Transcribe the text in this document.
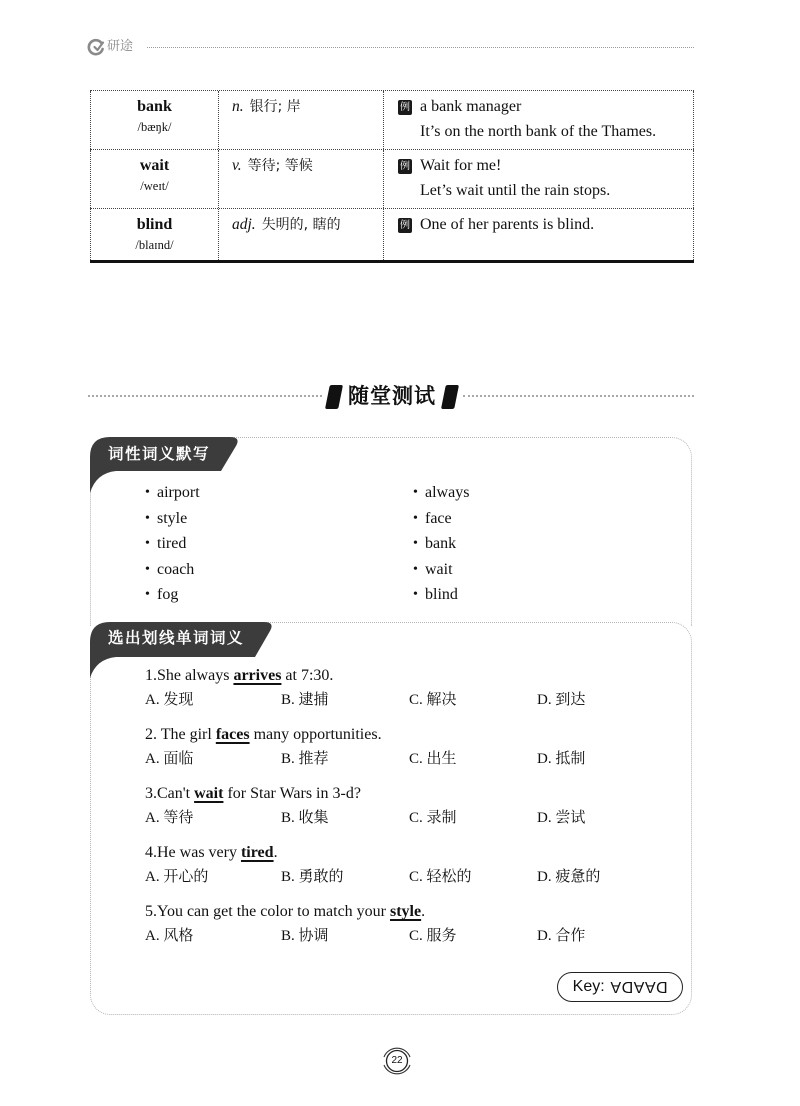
研途
bank
/bæŋk/
n. 银行; 岸	例 a bank manager
It’s on the north bank of the Thames.
wait
/weɪt/
v. 等待; 等候	例 Wait for me!
Let’s wait until the rain stops.
blind
/blaɪnd/
adj. 失明的, 瞎的	例 One of her parents is blind.
随堂测试
词性词义默写
• airport
• style
• tired
• coach
• fog
• always
• face
• bank
• wait
• blind
选出划线单词词义
1.She always arrives at 7:30.
A. 发现	B. 逮捕	C. 解决	D. 到达
2. The girl faces many opportunities.
A. 面临	B. 推荐	C. 出生	D. 抵制
3.Can't wait for Star Wars in 3-d?
A. 等待	B. 收集	C. 录制	D. 尝试
4.He was very tired.
A. 开心的	B. 勇敢的	C. 轻松的	D. 疲惫的
5.You can get the color to match your style.
A. 风格	B. 协调	C. 服务	D. 合作
Key: DAADA
22
